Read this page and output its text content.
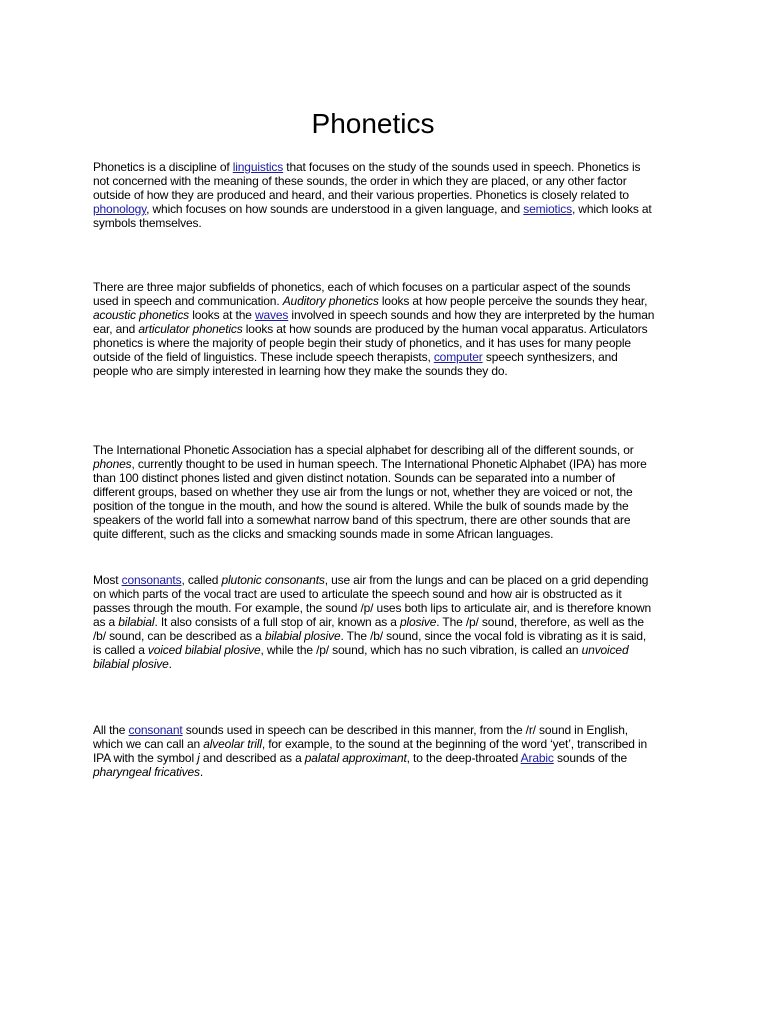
Phonetics

Phonetics is a discipline of linguistics that focuses on the study of the sounds used in speech. Phonetics is not concerned with the meaning of these sounds, the order in which they are placed, or any other factor outside of how they are produced and heard, and their various properties. Phonetics is closely related to phonology, which focuses on how sounds are understood in a given language, and semiotics, which looks at symbols themselves.

There are three major subfields of phonetics, each of which focuses on a particular aspect of the sounds used in speech and communication. Auditory phonetics looks at how people perceive the sounds they hear, acoustic phonetics looks at the waves involved in speech sounds and how they are interpreted by the human ear, and articulator phonetics looks at how sounds are produced by the human vocal apparatus. Articulators phonetics is where the majority of people begin their study of phonetics, and it has uses for many people outside of the field of linguistics. These include speech therapists, computer speech synthesizers, and people who are simply interested in learning how they make the sounds they do.

The International Phonetic Association has a special alphabet for describing all of the different sounds, or phones, currently thought to be used in human speech. The International Phonetic Alphabet (IPA) has more than 100 distinct phones listed and given distinct notation. Sounds can be separated into a number of different groups, based on whether they use air from the lungs or not, whether they are voiced or not, the position of the tongue in the mouth, and how the sound is altered. While the bulk of sounds made by the speakers of the world fall into a somewhat narrow band of this spectrum, there are other sounds that are quite different, such as the clicks and smacking sounds made in some African languages.

Most consonants, called plutonic consonants, use air from the lungs and can be placed on a grid depending on which parts of the vocal tract are used to articulate the speech sound and how air is obstructed as it passes through the mouth. For example, the sound /p/ uses both lips to articulate air, and is therefore known as a bilabial. It also consists of a full stop of air, known as a plosive. The /p/ sound, therefore, as well as the /b/ sound, can be described as a bilabial plosive. The /b/ sound, since the vocal fold is vibrating as it is said, is called a voiced bilabial plosive, while the /p/ sound, which has no such vibration, is called an unvoiced bilabial plosive.

All the consonant sounds used in speech can be described in this manner, from the /r/ sound in English, which we can call an alveolar trill, for example, to the sound at the beginning of the word ‘yet’, transcribed in IPA with the symbol j and described as a palatal approximant, to the deep-throated Arabic sounds of the pharyngeal fricatives.
